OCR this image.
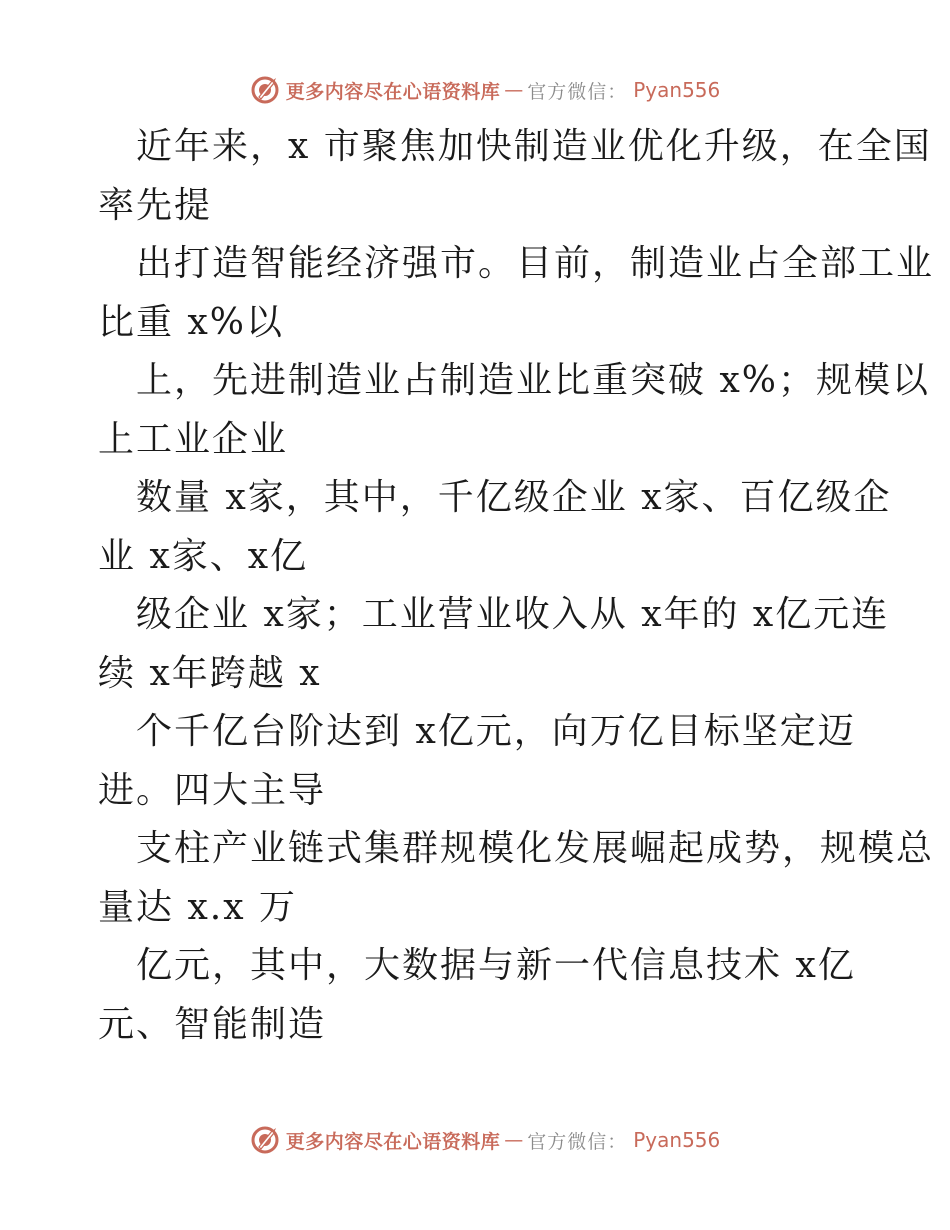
更多内容尽在心语资料库 — 官方微信： Pyan556
近年来，x 市聚焦加快制造业优化升级，在全国
率先提
出打造智能经济强市。目前，制造业占全部工业
比重 x%以
上，先进制造业占制造业比重突破 x%；规模以
上工业企业
数量 x家，其中，千亿级企业 x家、百亿级企
业 x家、x亿
级企业 x家；工业营业收入从 x年的 x亿元连
续 x年跨越 x
个千亿台阶达到 x亿元，向万亿目标坚定迈
进。四大主导
支柱产业链式集群规模化发展崛起成势，规模总
量达 x.x 万
亿元，其中，大数据与新一代信息技术 x亿
元、智能制造
更多内容尽在心语资料库 — 官方微信： Pyan556
